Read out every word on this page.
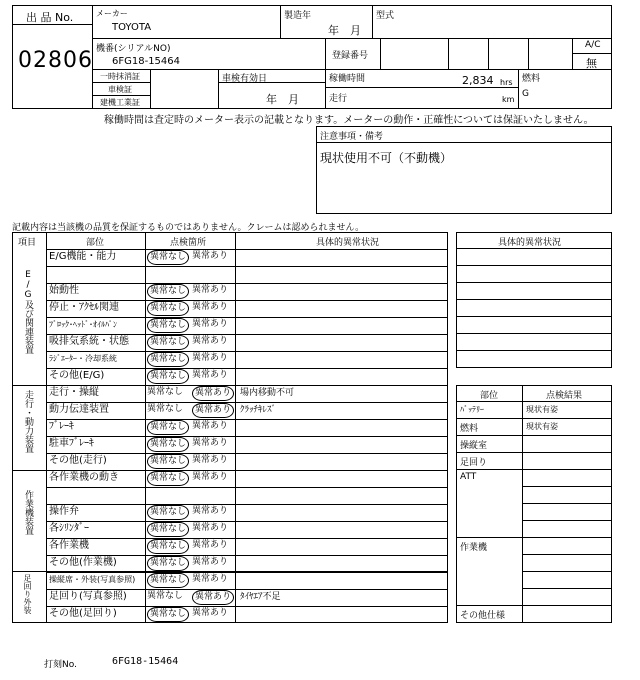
出 品 No.
02806
メーカー
TOYOTA
製造年
年　月
型式
機番(シリアルNO)
6FG18-15464	登録番号
A/C
無
一時抹消証
車検証
建機工業証
車検有効日
年　月
稼働時間	2,834 hrs
走行	km
燃料
G
稼働時間は査定時のメーター表示の記載となります。メーターの動作・正確性については保証いたしません。
注意事項・備考
現状使用不可（不動機）
記載内容は当該機の品質を保証するものではありません。クレームは認められません。
項目	部位	点検箇所	具体的異常状況
E/G及び関連装置
走行・動力装置
作業機装置
足回り外装
E/G機能・能力	異常なし 異常あり
始動性	異常なし 異常あり
停止・ｱｸｾﾙ関連	異常なし 異常あり
ﾌﾞﾛｯｸ･ﾍｯﾄﾞ･ｵｲﾙﾊﾟﾝ	異常なし 異常あり
吸排気系統・状態	異常なし 異常あり
ﾗｼﾞｴｰﾀｰ・冷却系統	異常なし 異常あり
その他(E/G)	異常なし 異常あり
走行・操縦	異常なし	異常あり 場内移動不可
動力伝達装置	異常なし	異常あり ｸﾗｯﾁｷﾚｽﾞ
ﾌﾞﾚｰｷ	異常なし 異常あり
駐車ﾌﾞﾚｰｷ	異常なし 異常あり
その他(走行)	異常なし 異常あり
各作業機の動き	異常なし 異常あり
操作弁	異常なし 異常あり
各ｼﾘﾝﾀﾞｰ	異常なし 異常あり
各作業機	異常なし 異常あり
その他(作業機)	異常なし 異常あり
操縦席・外装(写真参照)	異常なし 異常あり
足回り(写真参照) 異常なし	異常あり ﾀｲﾔｴｱ不足
その他(足回り)	異常なし 異常あり
具体的異常状況
部位	点検結果
ﾊﾞｯﾃﾘｰ	現状有姿
燃料	現状有姿
操縦室
足回り
ATT
作業機
その他仕様
打刻No.	6FG18-15464
